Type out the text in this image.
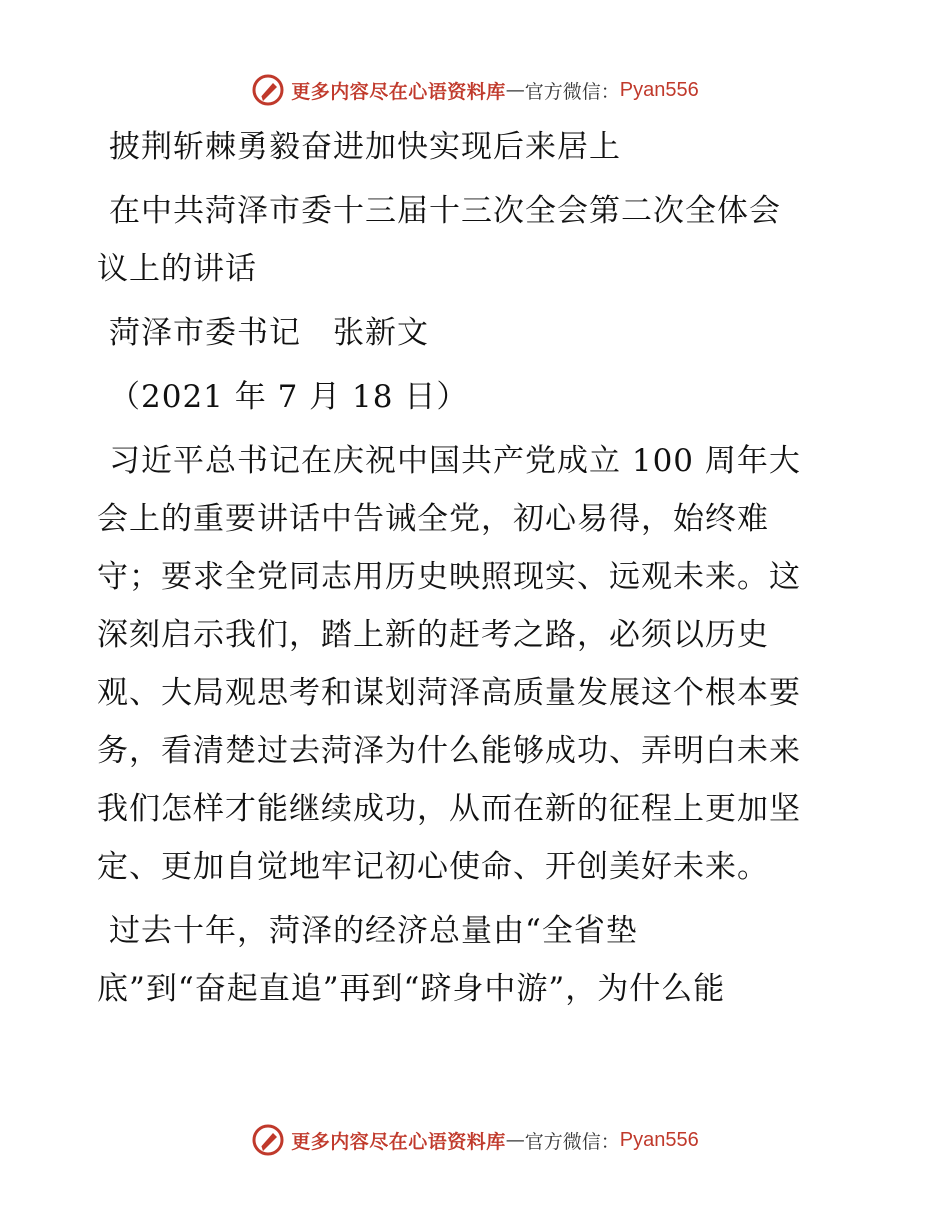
更多内容尽在心语资料库 — 官方微信： Pyan556
披荆斩棘勇毅奋进加快实现后来居上
在中共菏泽市委十三届十三次全会第二次全体会
议上的讲话
菏泽市委书记　张新文
（2021 年 7 月 18 日）
习近平总书记在庆祝中国共产党成立 100 周年大
会上的重要讲话中告诫全党，初心易得，始终难
守；要求全党同志用历史映照现实、远观未来。这
深刻启示我们，踏上新的赶考之路，必须以历史
观、大局观思考和谋划菏泽高质量发展这个根本要
务，看清楚过去菏泽为什么能够成功、弄明白未来
我们怎样才能继续成功，从而在新的征程上更加坚
定、更加自觉地牢记初心使命、开创美好未来。
过去十年，菏泽的经济总量由“全省垫
底”到“奋起直追”再到“跻身中游”，为什么能
更多内容尽在心语资料库 — 官方微信： Pyan556
